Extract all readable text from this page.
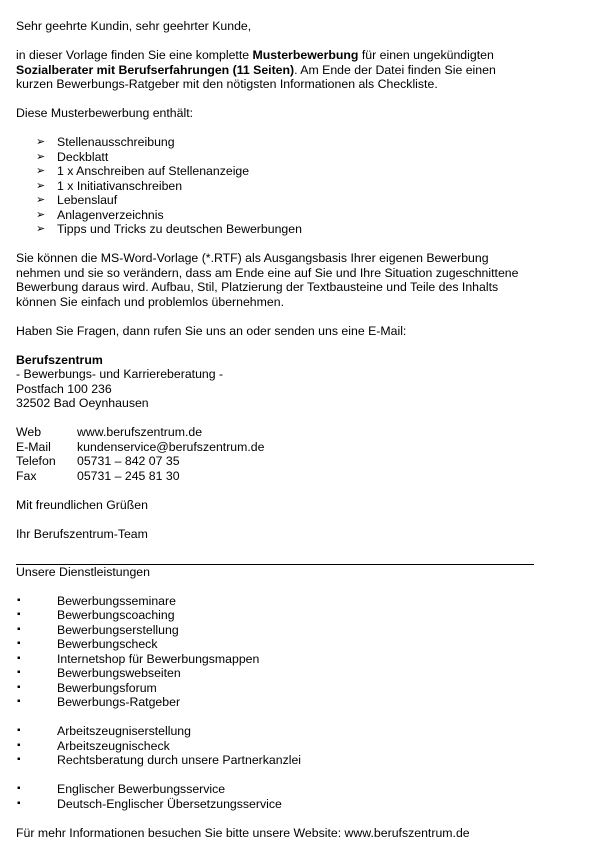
Sehr geehrte Kundin, sehr geehrter Kunde,

in dieser Vorlage finden Sie eine komplette Musterbewerbung für einen ungekündigten

Sozialberater mit Berufserfahrungen (11 Seiten). Am Ende der Datei finden Sie einen

kurzen Bewerbungs-Ratgeber mit den nötigsten Informationen als Checkliste.

Diese Musterbewerbung enthält:

➢ Stellenausschreibung
➢ Deckblatt
➢ 1 x Anschreiben auf Stellenanzeige
➢ 1 x Initiativanschreiben
➢ Lebenslauf
➢ Anlagenverzeichnis
➢ Tipps und Tricks zu deutschen Bewerbungen

Sie können die MS-Word-Vorlage (*.RTF) als Ausgangsbasis Ihrer eigenen Bewerbung

nehmen und sie so verändern, dass am Ende eine auf Sie und Ihre Situation zugeschnittene

Bewerbung daraus wird. Aufbau, Stil, Platzierung der Textbausteine und Teile des Inhalts

können Sie einfach und problemlos übernehmen.

Haben Sie Fragen, dann rufen Sie uns an oder senden uns eine E-Mail:

Berufszentrum

- Bewerbungs- und Karriereberatung -

Postfach 100 236

32502 Bad Oeynhausen

Web	www.berufszentrum.de
E-Mail	kundenservice@berufszentrum.de
Telefon	05731 – 842 07 35
Fax	05731 – 245 81 30

Mit freundlichen Grüßen

Ihr Berufszentrum-Team

Unsere Dienstleistungen

▪	Bewerbungsseminare
▪	Bewerbungscoaching
▪	Bewerbungserstellung
▪	Bewerbungscheck
▪	Internetshop für Bewerbungsmappen
▪	Bewerbungswebseiten
▪	Bewerbungsforum
▪	Bewerbungs-Ratgeber
▪	Arbeitszeugniserstellung
▪	Arbeitszeugnischeck
▪	Rechtsberatung durch unsere Partnerkanzlei
▪	Englischer Bewerbungsservice
▪	Deutsch-Englischer Übersetzungsservice

Für mehr Informationen besuchen Sie bitte unsere Website: www.berufszentrum.de
